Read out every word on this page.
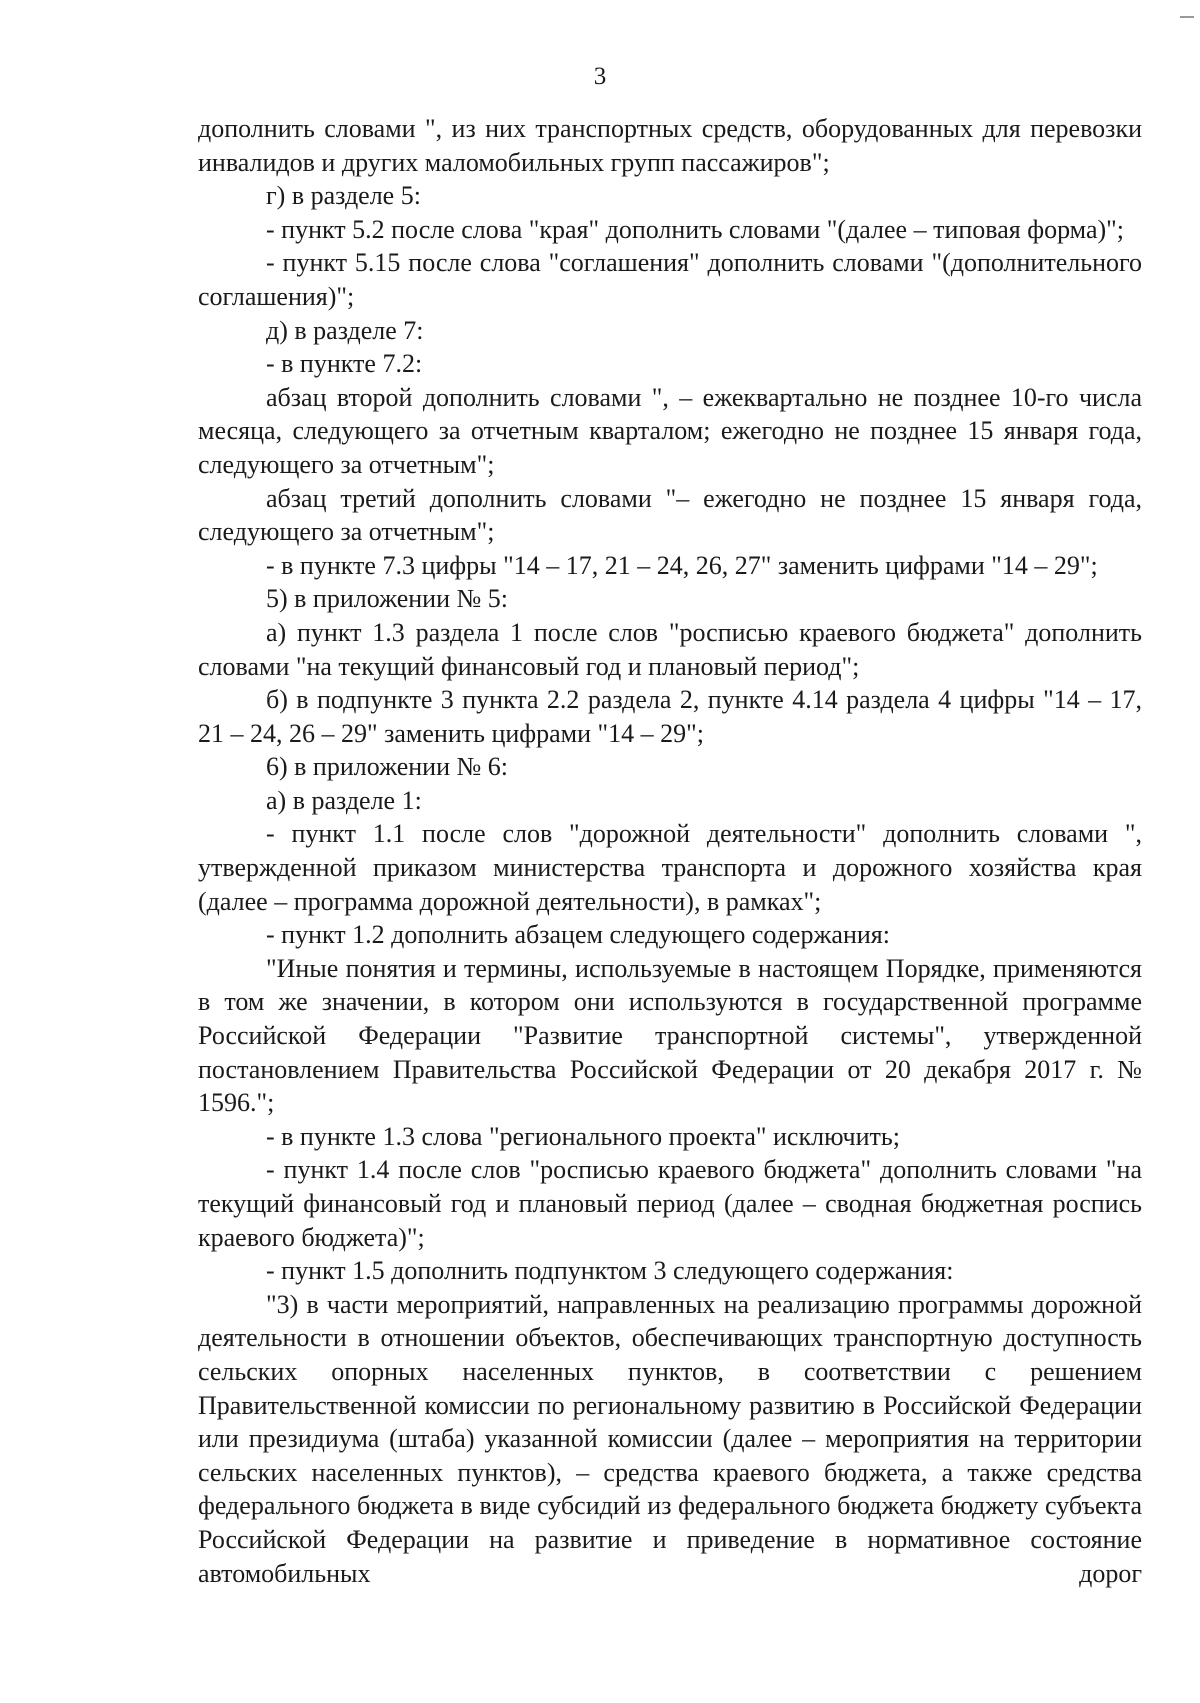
3

дополнить словами ", из них транспортных средств, оборудованных для перевозки инвалидов и других маломобильных групп пассажиров";

г) в разделе 5:

- пункт 5.2 после слова "края" дополнить словами "(далее – типовая форма)";

- пункт 5.15 после слова "соглашения" дополнить словами "(дополнительного соглашения)";

д) в разделе 7:

- в пункте 7.2:

абзац второй дополнить словами ", – ежеквартально не позднее 10-го числа месяца, следующего за отчетным кварталом; ежегодно не позднее 15 января года, следующего за отчетным";

абзац третий дополнить словами "– ежегодно не позднее 15 января года, следующего за отчетным";

- в пункте 7.3 цифры "14 – 17, 21 – 24, 26, 27" заменить цифрами "14 – 29";

5) в приложении № 5:

а) пункт 1.3 раздела 1 после слов "росписью краевого бюджета" дополнить словами "на текущий финансовый год и плановый период";

б) в подпункте 3 пункта 2.2 раздела 2, пункте 4.14 раздела 4 цифры "14 – 17, 21 – 24, 26 – 29" заменить цифрами "14 – 29";

6) в приложении № 6:

а) в разделе 1:

- пункт 1.1 после слов "дорожной деятельности" дополнить словами ", утвержденной приказом министерства транспорта и дорожного хозяйства края (далее – программа дорожной деятельности), в рамках";

- пункт 1.2 дополнить абзацем следующего содержания:

"Иные понятия и термины, используемые в настоящем Порядке, применяются в том же значении, в котором они используются в государственной программе Российской Федерации "Развитие транспортной системы", утвержденной постановлением Правительства Российской Федерации от 20 декабря 2017 г. № 1596.";

- в пункте 1.3 слова "регионального проекта" исключить;

- пункт 1.4 после слов "росписью краевого бюджета" дополнить словами "на текущий финансовый год и плановый период (далее – сводная бюджетная роспись краевого бюджета)";

- пункт 1.5 дополнить подпунктом 3 следующего содержания:

"3) в части мероприятий, направленных на реализацию программы дорожной деятельности в отношении объектов, обеспечивающих транспортную доступность сельских опорных населенных пунктов, в соответствии с решением Правительственной комиссии по региональному развитию в Российской Федерации или президиума (штаба) указанной комиссии (далее – мероприятия на территории сельских населенных пунктов), – средства краевого бюджета, а также средства федерального бюджета в виде субсидий из федерального бюджета бюджету субъекта Российской Федерации на развитие и приведение в нормативное состояние автомобильных дорог
